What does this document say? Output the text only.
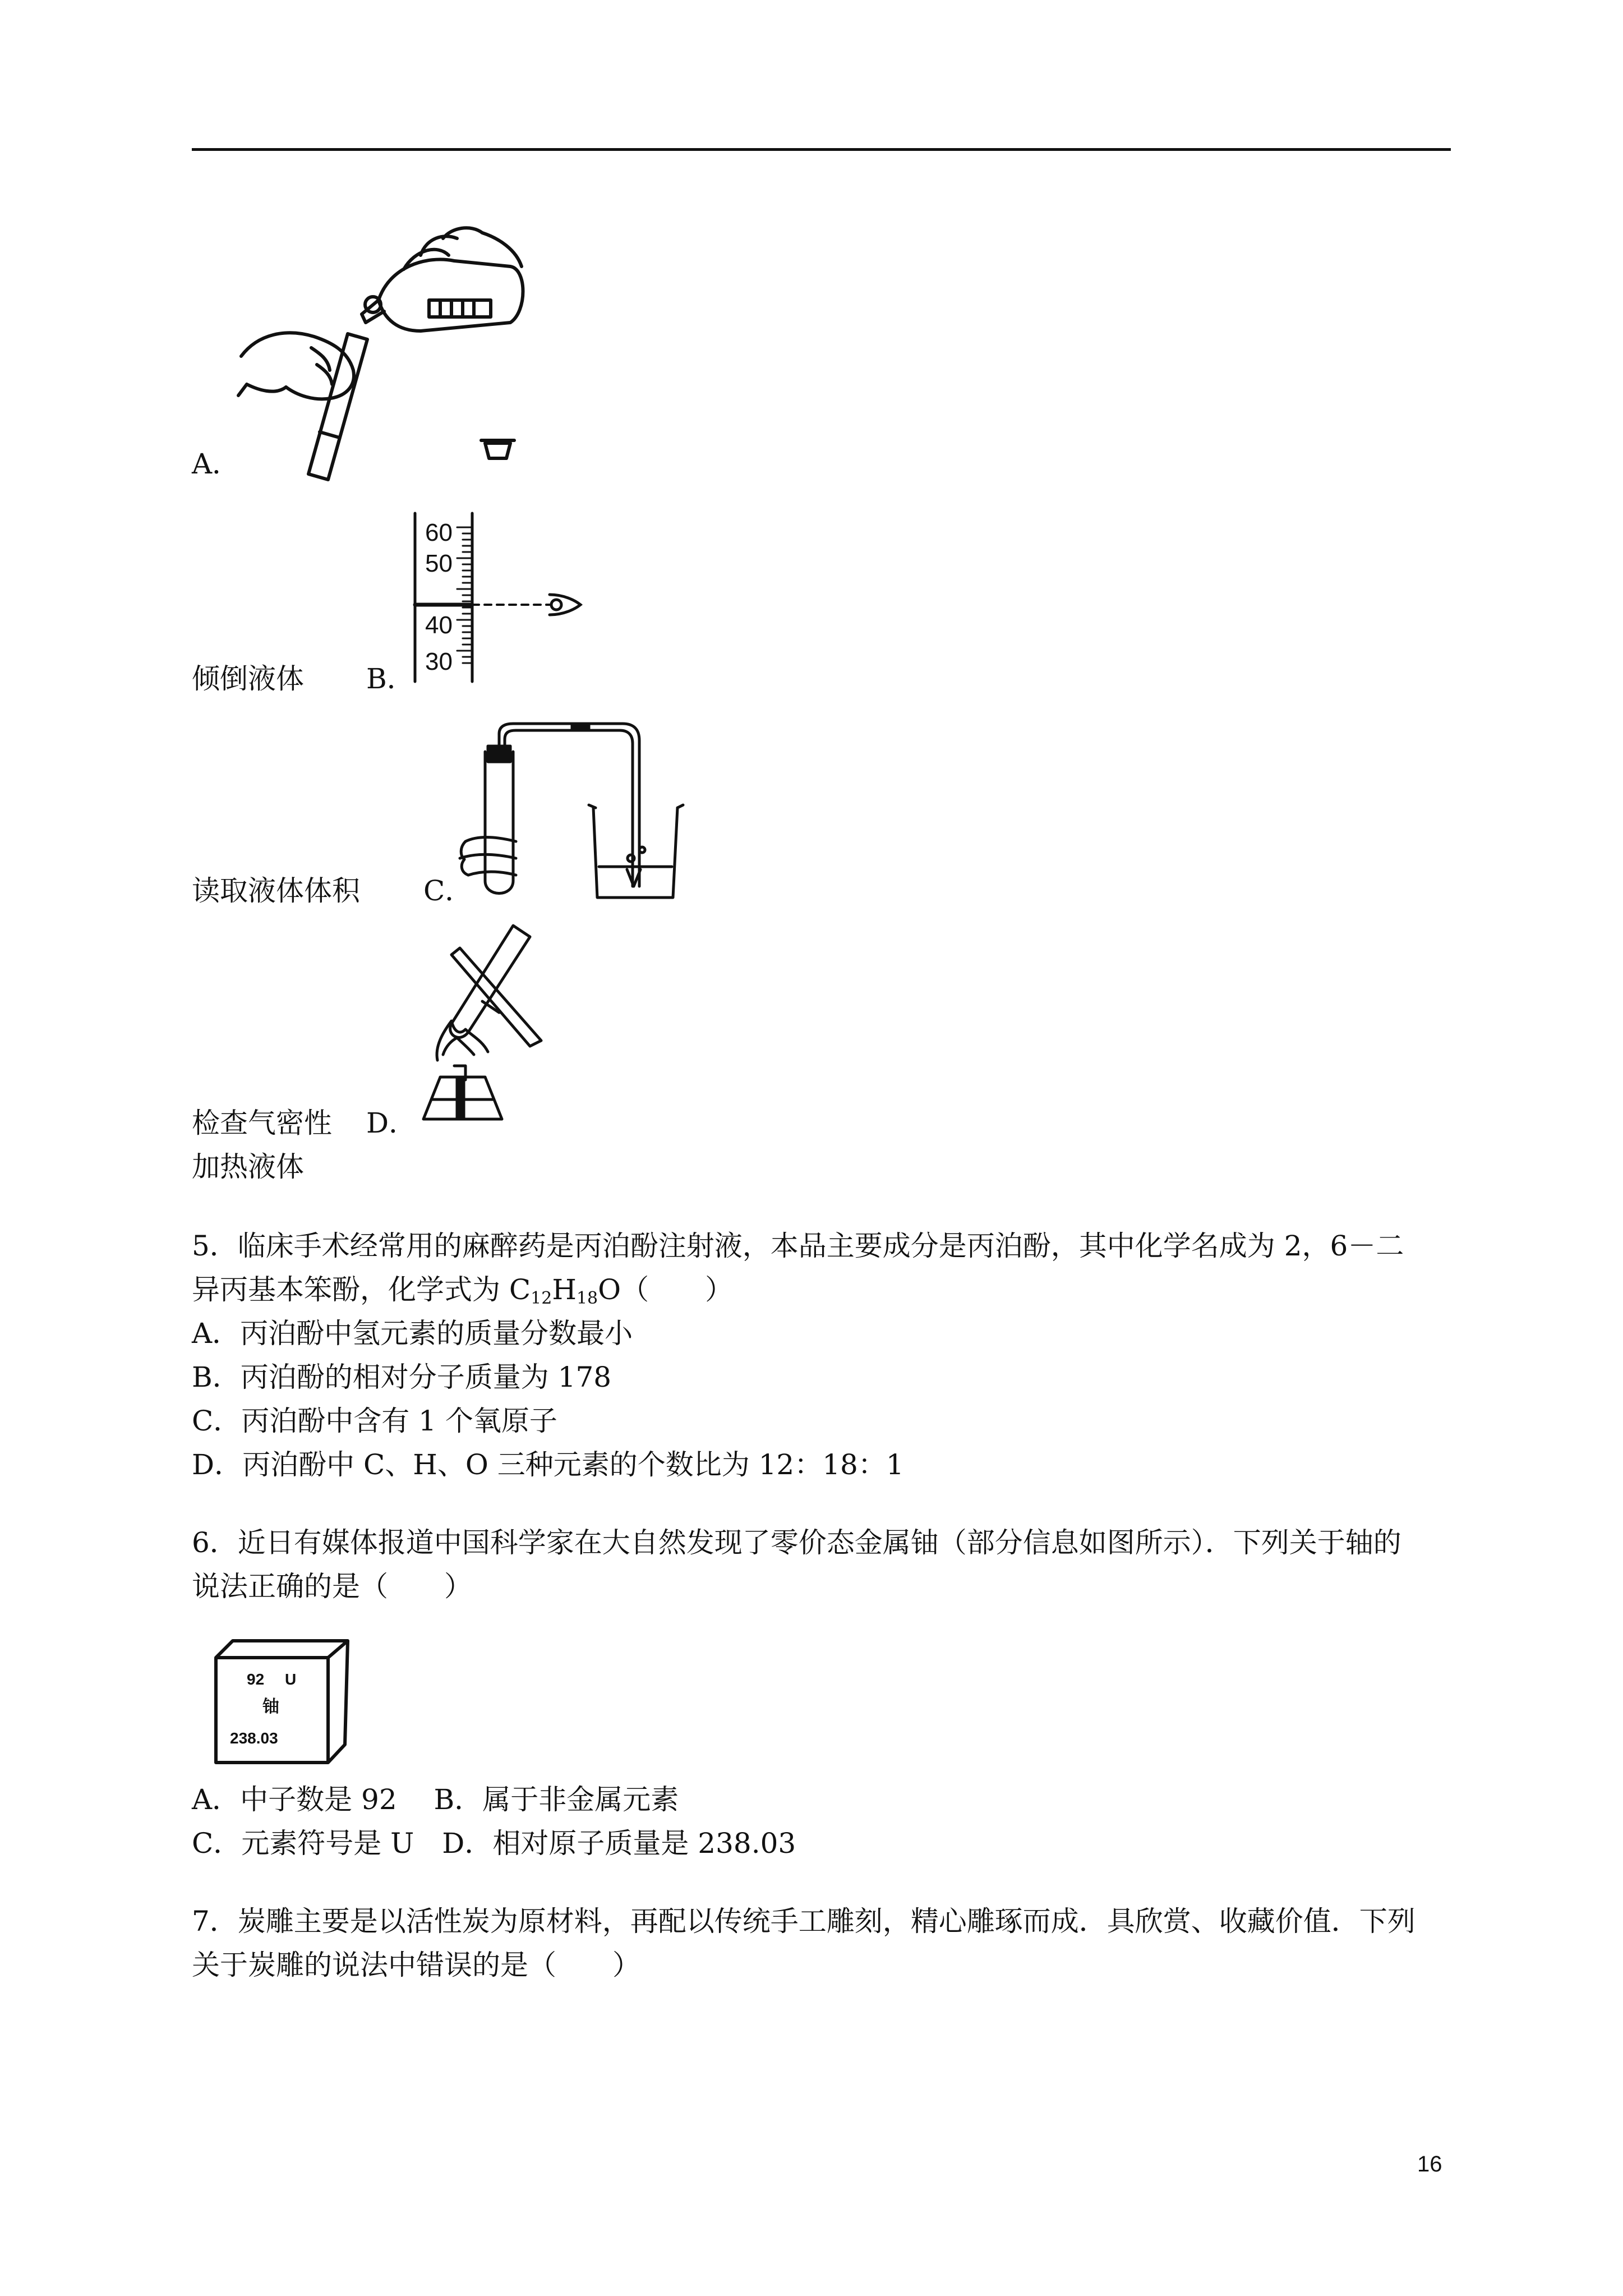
A．
60
50
40
30
倾倒液体 B．
读取液体体积 C．
检查气密性 D．
加热液体
5．临床手术经常用的麻醉药是丙泊酚注射液，本品主要成分是丙泊酚，其中化学名成为 2，6－二
异丙基本笨酚，化学式为 $C_{12}H_{18}O$（　　）
A．丙泊酚中氢元素的质量分数最小
B．丙泊酚的相对分子质量为 178
C．丙泊酚中含有 1 个氧原子
D．丙泊酚中 C、H、O 三种元素的个数比为 12：18：1
6．近日有媒体报道中国科学家在大自然发现了零价态金属铀（部分信息如图所示）．下列关于轴的
说法正确的是（　　）
92 U
铀
238.03
A．中子数是 92　 B．属于非金属元素
C．元素符号是 U　D．相对原子质量是 238.03
7．炭雕主要是以活性炭为原材料，再配以传统手工雕刻，精心雕琢而成．具欣赏、收藏价值．下列
关于炭雕的说法中错误的是（　　）
16
